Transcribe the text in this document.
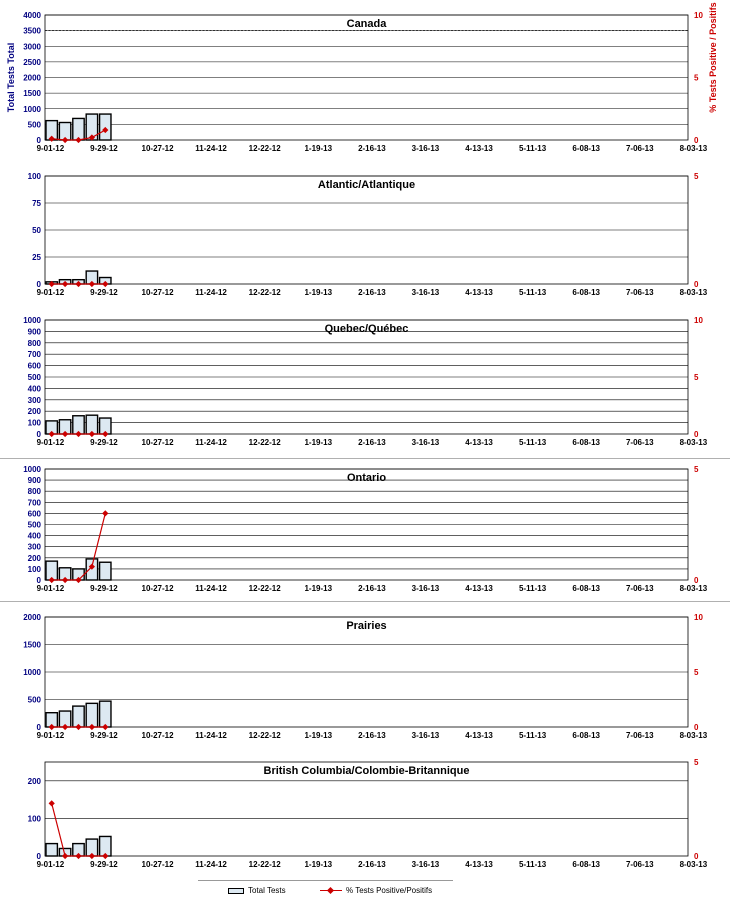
0
500
1000
1500
2000
2500
3000
3500
4000
0
5
10
9-01-12	9-29-12	10-27-12	11-24-12	12-22-12	1-19-13	2-16-13	3-16-13	4-13-13	5-11-13	6-08-13	7-06-13	8-03-13
Canada
Total Tests Total	% Tests Positive / Positifs
0
25
50
75
100
0
5
9-01-12	9-29-12	10-27-12	11-24-12	12-22-12	1-19-13	2-16-13	3-16-13	4-13-13	5-11-13	6-08-13	7-06-13	8-03-13
Atlantic/Atlantique
0
100
200
300
400
500
600
700
800
900
1000
0
5
10
9-01-12	9-29-12	10-27-12	11-24-12	12-22-12	1-19-13	2-16-13	3-16-13	4-13-13	5-11-13	6-08-13	7-06-13	8-03-13
Quebec/Québec
0
100
200
300
400
500
600
700
800
900
1000
0
5
9-01-12	9-29-12	10-27-12	11-24-12	12-22-12	1-19-13	2-16-13	3-16-13	4-13-13	5-11-13	6-08-13	7-06-13	8-03-13
Ontario
0
500
1000
1500
2000
0
5
10
9-01-12	9-29-12	10-27-12	11-24-12	12-22-12	1-19-13	2-16-13	3-16-13	4-13-13	5-11-13	6-08-13	7-06-13	8-03-13
Prairies
0
100
200
0
5
9-01-12	9-29-12	10-27-12	11-24-12	12-22-12	1-19-13	2-16-13	3-16-13	4-13-13	5-11-13	6-08-13	7-06-13	8-03-13
British Columbia/Colombie-Britannique
Total Tests	% Tests Positive/Positifs
